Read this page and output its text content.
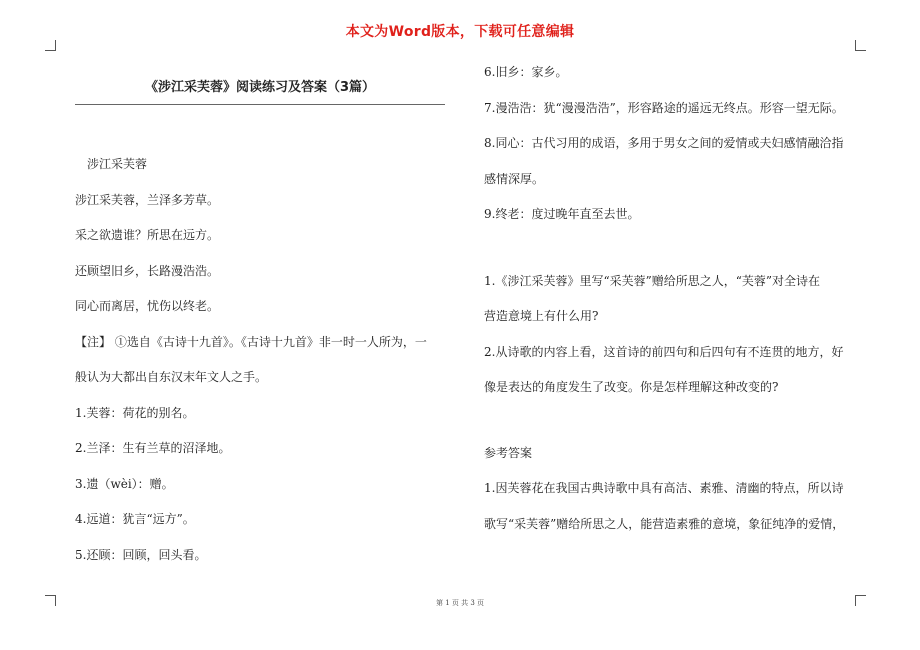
本文为Word版本，下载可任意编辑
《涉江采芙蓉》阅读练习及答案（3篇）
涉江采芙蓉
涉江采芙蓉，兰泽多芳草。
采之欲遗谁？所思在远方。
还顾望旧乡，长路漫浩浩。
同心而离居，忧伤以终老。
【注】 ①选自《古诗十九首》。《古诗十九首》非一时一人所为，一
般认为大都出自东汉末年文人之手。
1.芙蓉：荷花的别名。
2.兰泽：生有兰草的沼泽地。
3.遗（wèi）：赠。
4.远道：犹言“远方”。
5.还顾：回顾，回头看。
6.旧乡：家乡。
7.漫浩浩：犹“漫漫浩浩”，形容路途的遥远无终点。形容一望无际。
8.同心：古代习用的成语，多用于男女之间的爱情或夫妇感情融洽指
感情深厚。
9.终老：度过晚年直至去世。
1.《涉江采芙蓉》里写“采芙蓉”赠给所思之人，“芙蓉”对全诗在
营造意境上有什么用?
2.从诗歌的内容上看，这首诗的前四句和后四句有不连贯的地方，好
像是表达的角度发生了改变。你是怎样理解这种改变的?
参考答案
1.因芙蓉花在我国古典诗歌中具有高洁、素雅、清幽的特点，所以诗
歌写“采芙蓉”赠给所思之人，能营造素雅的意境，象征纯净的爱情，
第 1 页 共 3 页
